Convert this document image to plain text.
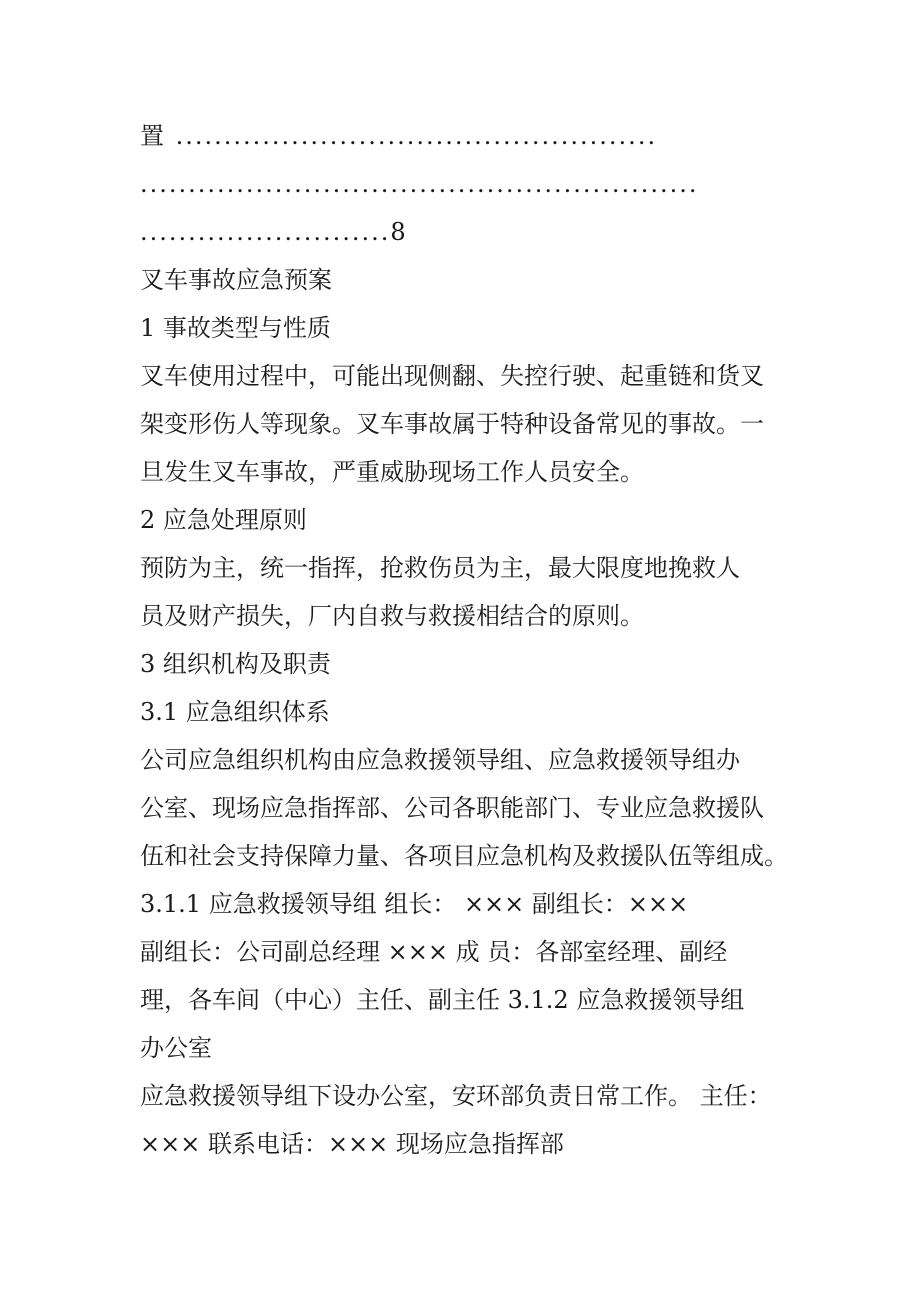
置 ..................................................
..........................................................
..........................8
叉车事故应急预案
1 事故类型与性质
叉车使用过程中，可能出现侧翻、失控行驶、起重链和货叉
架变形伤人等现象。叉车事故属于特种设备常见的事故。一
旦发生叉车事故，严重威胁现场工作人员安全。
2 应急处理原则
预防为主，统一指挥，抢救伤员为主，最大限度地挽救人
员及财产损失，厂内自救与救援相结合的原则。
3 组织机构及职责
3.1 应急组织体系
公司应急组织机构由应急救援领导组、应急救援领导组办
公室、现场应急指挥部、公司各职能部门、专业应急救援队
伍和社会支持保障力量、各项目应急机构及救援队伍等组成。
3.1.1 应急救援领导组 组长： ××× 副组长：×××
副组长：公司副总经理 ××× 成 员：各部室经理、副经
理，各车间（中心）主任、副主任 3.1.2 应急救援领导组
办公室
应急救援领导组下设办公室，安环部负责日常工作。 主任：
××× 联系电话：××× 现场应急指挥部
